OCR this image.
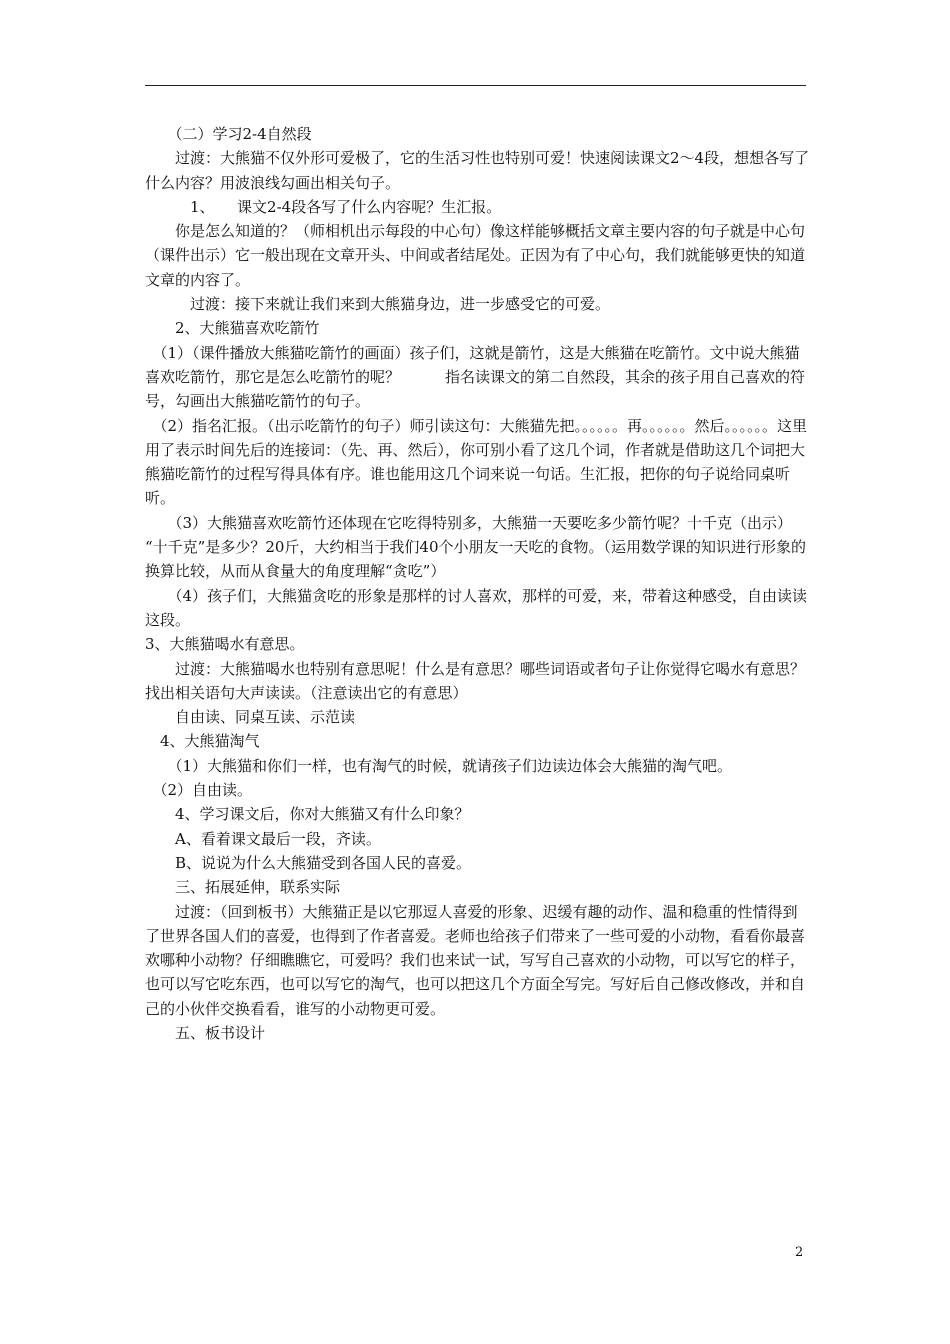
　　（二）学习2-4自然段

　　过渡：大熊猫不仅外形可爱极了，它的生活习性也特别可爱！快速阅读课文2～4段，想想各写了什么内容？用波浪线勾画出相关句子。

　　　1、　　课文2-4段各写了什么内容呢？生汇报。

　　你是怎么知道的？（师相机出示每段的中心句）像这样能够概括文章主要内容的句子就是中心句（课件出示）它一般出现在文章开头、中间或者结尾处。正因为有了中心句，我们就能够更快的知道文章的内容了。

　　　过渡：接下来就让我们来到大熊猫身边，进一步感受它的可爱。

　　2、大熊猫喜欢吃箭竹

　（1）（课件播放大熊猫吃箭竹的画面）孩子们，这就是箭竹，这是大熊猫在吃箭竹。文中说大熊猫喜欢吃箭竹，那它是怎么吃箭竹的呢？　　　指名读课文的第二自然段，其余的孩子用自己喜欢的符号，勾画出大熊猫吃箭竹的句子。

　（2）指名汇报。（出示吃箭竹的句子）师引读这句：大熊猫先把。。。。。。再。。。。。。然后。。。。。。这里用了表示时间先后的连接词：（先、再、然后），你可别小看了这几个词，作者就是借助这几个词把大熊猫吃箭竹的过程写得具体有序。谁也能用这几个词来说一句话。生汇报，把你的句子说给同桌听听。

　　（3）大熊猫喜欢吃箭竹还体现在它吃得特别多，大熊猫一天要吃多少箭竹呢？十千克（出示）

“十千克”是多少？20斤，大约相当于我们40个小朋友一天吃的食物。（运用数学课的知识进行形象的换算比较，从而从食量大的角度理解“贪吃”）

　　（4）孩子们，大熊猫贪吃的形象是那样的讨人喜欢，那样的可爱，来，带着这种感受，自由读读这段。

3、大熊猫喝水有意思。

　　过渡：大熊猫喝水也特别有意思呢！什么是有意思？哪些词语或者句子让你觉得它喝水有意思？找出相关语句大声读读。（注意读出它的有意思）

　　自由读、同桌互读、示范读

　4、大熊猫淘气

　　（1）大熊猫和你们一样，也有淘气的时候，就请孩子们边读边体会大熊猫的淘气吧。

　（2）自由读。

　　4、学习课文后，你对大熊猫又有什么印象？

　　A、看着课文最后一段，齐读。

　　B、说说为什么大熊猫受到各国人民的喜爱。

　　三、拓展延伸，联系实际

　　过渡：（回到板书）大熊猫正是以它那逗人喜爱的形象、迟缓有趣的动作、温和稳重的性情得到了世界各国人们的喜爱，也得到了作者喜爱。老师也给孩子们带来了一些可爱的小动物，看看你最喜欢哪种小动物？仔细瞧瞧它，可爱吗？我们也来试一试，写写自己喜欢的小动物，可以写它的样子，也可以写它吃东西，也可以写它的淘气，也可以把这几个方面全写完。写好后自己修改修改，并和自己的小伙伴交换看看，谁写的小动物更可爱。

　　五、板书设计

2
